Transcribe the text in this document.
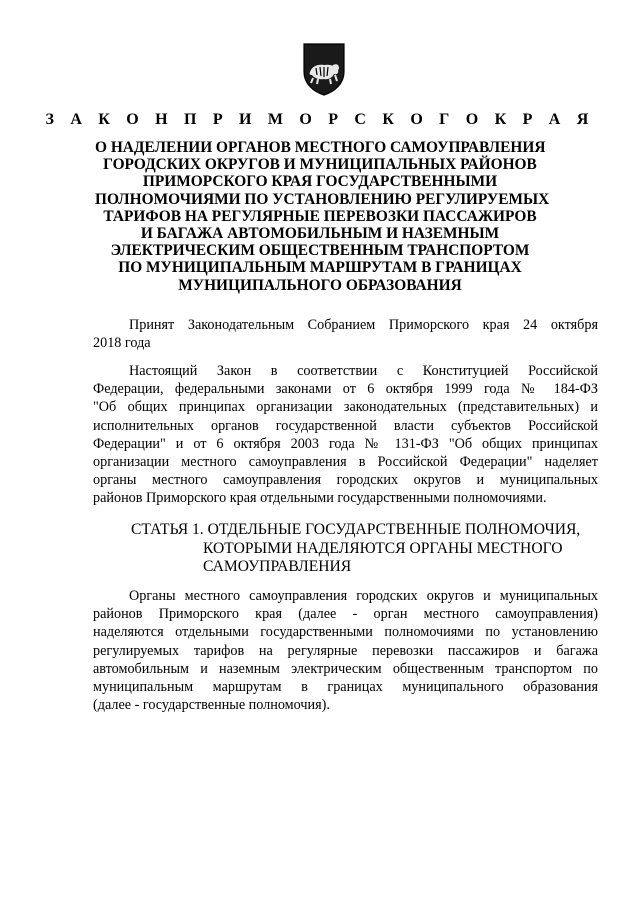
З А К О Н П Р И М О Р С К О Г О К Р А Я
О НАДЕЛЕНИИ ОРГАНОВ МЕСТНОГО САМОУПРАВЛЕНИЯ
ГОРОДСКИХ ОКРУГОВ И МУНИЦИПАЛЬНЫХ РАЙОНОВ
ПРИМОРСКОГО КРАЯ ГОСУДАРСТВЕННЫМИ
ПОЛНОМОЧИЯМИ ПО УСТАНОВЛЕНИЮ РЕГУЛИРУЕМЫХ
ТАРИФОВ НА РЕГУЛЯРНЫЕ ПЕРЕВОЗКИ ПАССАЖИРОВ
И БАГАЖА АВТОМОБИЛЬНЫМ И НАЗЕМНЫМ
ЭЛЕКТРИЧЕСКИМ ОБЩЕСТВЕННЫМ ТРАНСПОРТОМ
ПО МУНИЦИПАЛЬНЫМ МАРШРУТАМ В ГРАНИЦАХ
МУНИЦИПАЛЬНОГО ОБРАЗОВАНИЯ
Принят Законодательным Собранием Приморского края 24 октября
2018 года
Настоящий Закон в соответствии с Конституцией Российской
Федерации, федеральными законами от 6 октября 1999 года № 184-ФЗ
"Об общих принципах организации законодательных (представительных) и
исполнительных органов государственной власти субъектов Российской
Федерации" и от 6 октября 2003 года № 131-ФЗ "Об общих принципах
организации местного самоуправления в Российской Федерации" наделяет
органы местного самоуправления городских округов и муниципальных
районов Приморского края отдельными государственными полномочиями.
СТАТЬЯ 1. ОТДЕЛЬНЫЕ ГОСУДАРСТВЕННЫЕ ПОЛНОМОЧИЯ,
КОТОРЫМИ НАДЕЛЯЮТСЯ ОРГАНЫ МЕСТНОГО
САМОУПРАВЛЕНИЯ
Органы местного самоуправления городских округов и муниципальных
районов Приморского края (далее - орган местного самоуправления)
наделяются отдельными государственными полномочиями по установлению
регулируемых тарифов на регулярные перевозки пассажиров и багажа
автомобильным и наземным электрическим общественным транспортом по
муниципальным маршрутам в границах муниципального образования
(далее - государственные полномочия).
